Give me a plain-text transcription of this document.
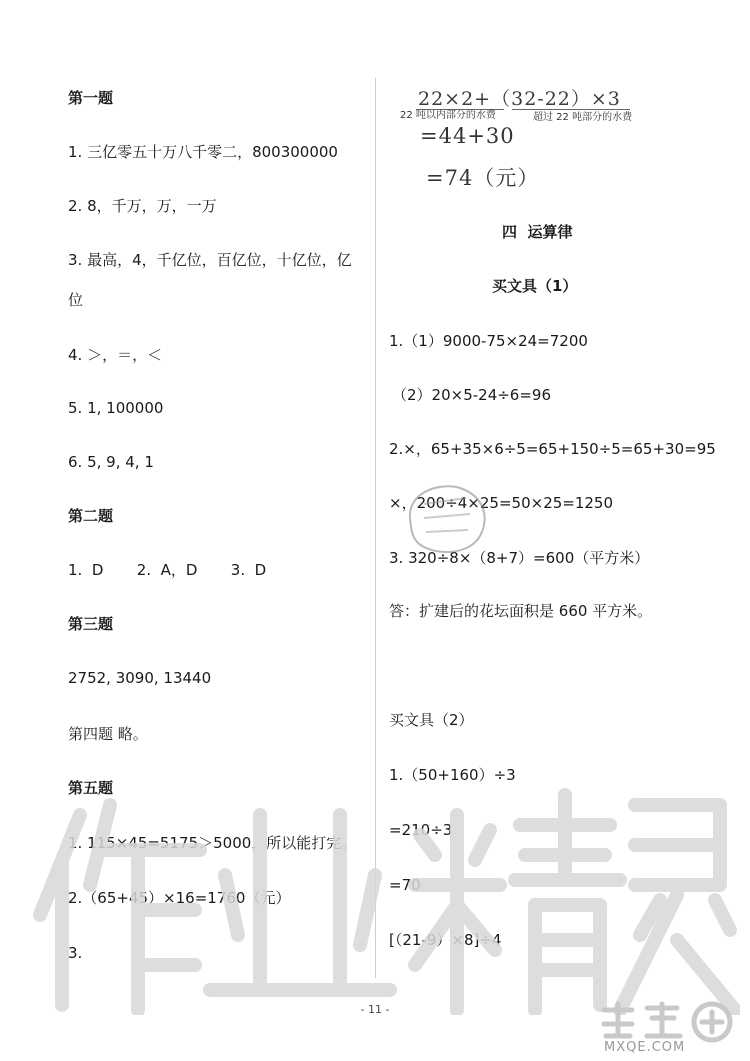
第一题
1. 三亿零五十万八千零二，800300000
2. 8，千万，万，一万
3. 最高，4，千亿位，百亿位，十亿位，亿
位
4. ＞，＝，＜
5. 1, 100000
6. 5, 9, 4, 1
第二题
1.  D       2.  A，D       3.  D
第三题
2752, 3090, 13440
第四题 略。
第五题
1. 115×45=5175＞5000，所以能打完。
2.（65+45）×16=1760（元）
3.
22×2+（32-22）×3
22 吨以内部分的水费	超过 22 吨部分的水费
=44+30
=74（元）
四  运算律
买文具（1）
1.（1）9000-75×24=7200
（2）20×5-24÷6=96
2.×，65+35×6÷5=65+150÷5=65+30=95
×，200÷4×25=50×25=1250
3. 320÷8×（8+7）=600（平方米）
答：扩建后的花坛面积是 660 平方米。
买文具（2）
1.（50+160）÷3
=210÷3
=70
[（21-9）×8]÷4
- 11 -
MXQE.COM
